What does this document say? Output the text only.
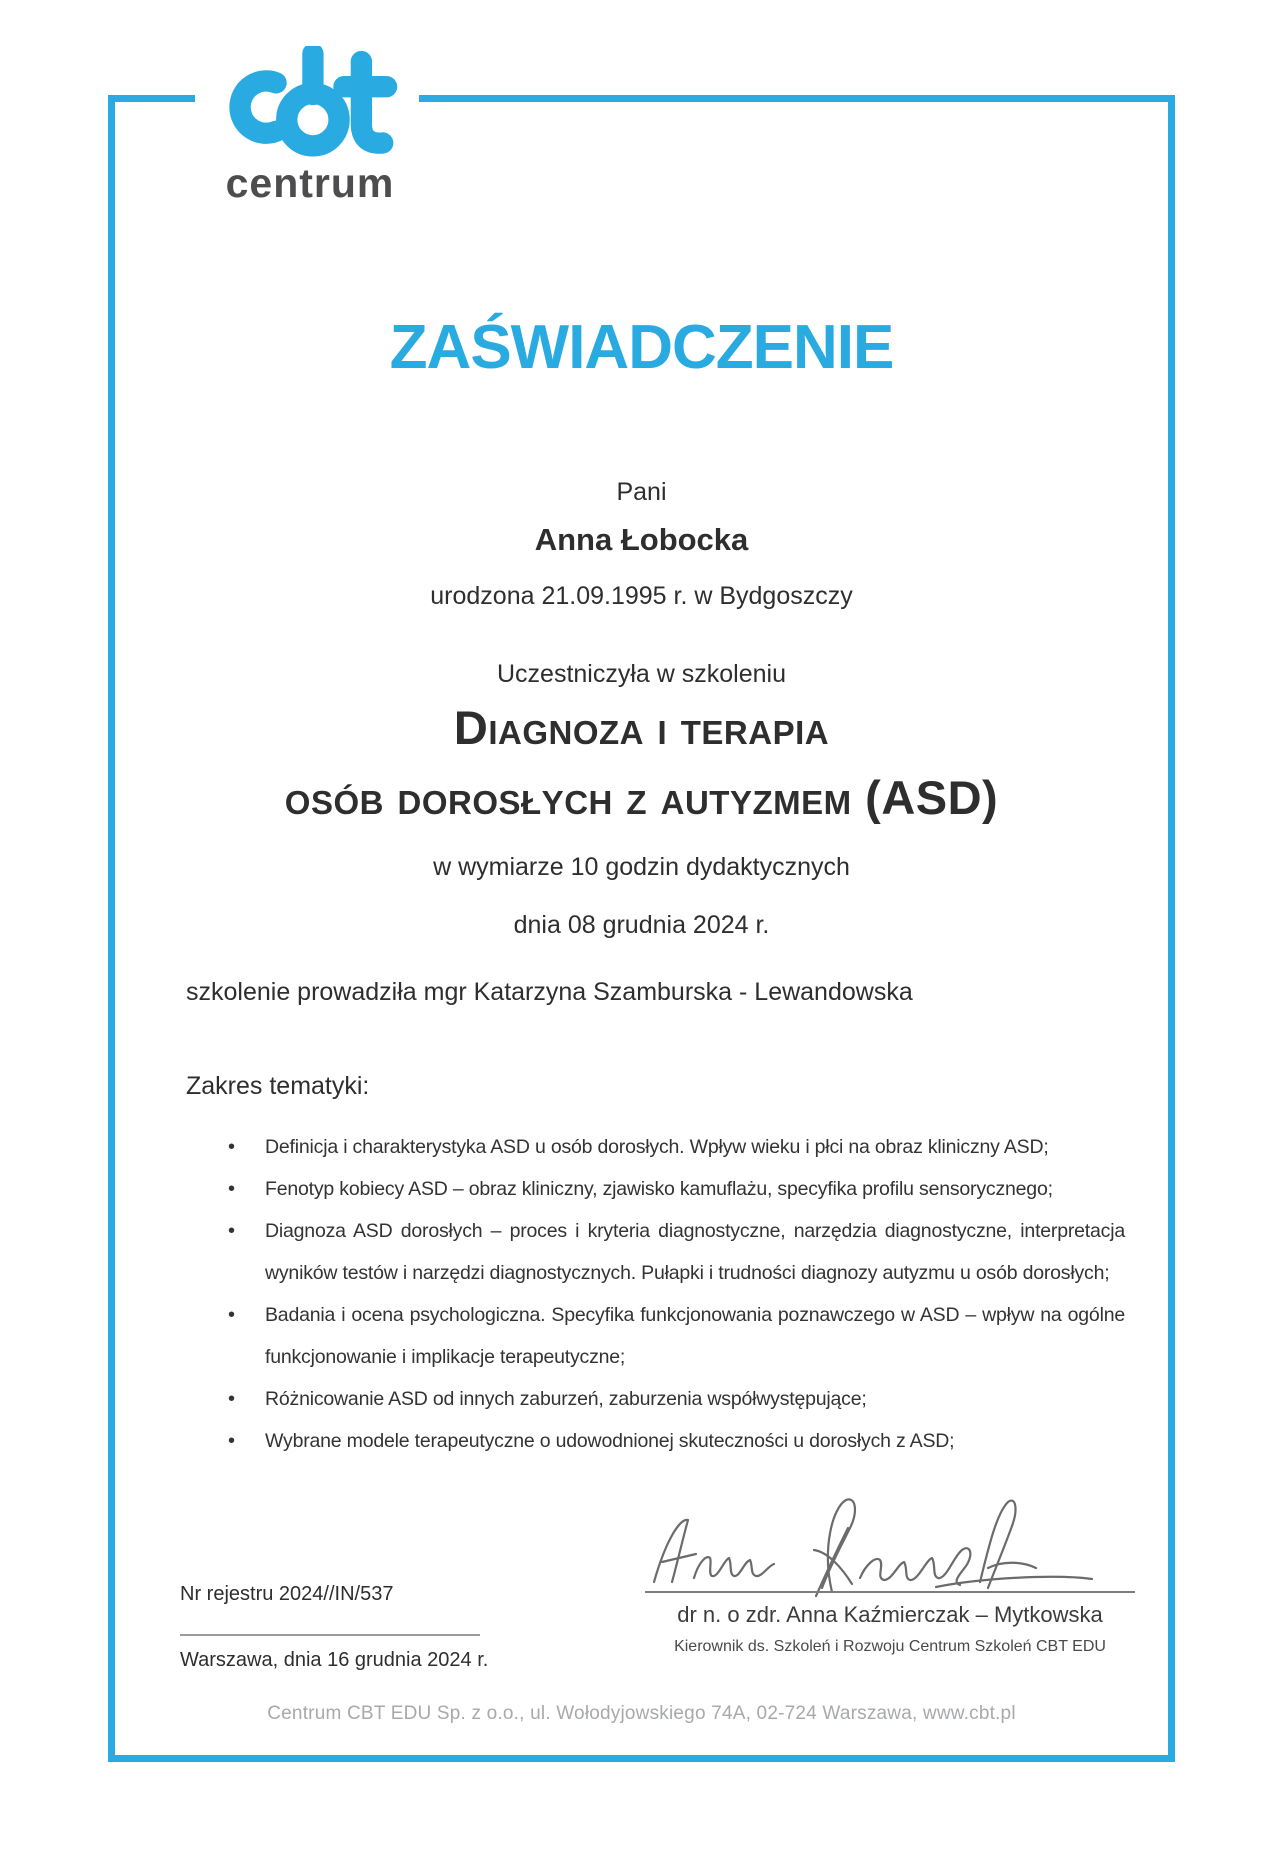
centrum
ZAŚWIADCZENIE
Pani
Anna Łobocka
urodzona 21.09.1995 r. w Bydgoszczy
Uczestniczyła w szkoleniu
Diagnoza i terapia
osób dorosłych z autyzmem (ASD)
w wymiarze 10 godzin dydaktycznych
dnia 08 grudnia 2024 r.
szkolenie prowadziła mgr Katarzyna Szamburska - Lewandowska
Zakres tematyki:
• Definicja i charakterystyka ASD u osób dorosłych. Wpływ wieku i płci na obraz kliniczny ASD;
• Fenotyp kobiecy ASD – obraz kliniczny, zjawisko kamuflażu, specyfika profilu sensorycznego;
• Diagnoza ASD dorosłych – proces i kryteria diagnostyczne, narzędzia diagnostyczne, interpretacja wyników testów i narzędzi diagnostycznych. Pułapki i trudności diagnozy autyzmu u osób dorosłych;
• Badania i ocena psychologiczna. Specyfika funkcjonowania poznawczego w ASD – wpływ na ogólne funkcjonowanie i implikacje terapeutyczne;
• Różnicowanie ASD od innych zaburzeń, zaburzenia współwystępujące;
• Wybrane modele terapeutyczne o udowodnionej skuteczności u dorosłych z ASD;
Nr rejestru 2024//IN/537
Warszawa, dnia 16 grudnia 2024 r.
dr n. o zdr. Anna Kaźmierczak – Mytkowska
Kierownik ds. Szkoleń i Rozwoju Centrum Szkoleń CBT EDU
Centrum CBT EDU Sp. z o.o., ul. Wołodyjowskiego 74A, 02-724 Warszawa, www.cbt.pl
